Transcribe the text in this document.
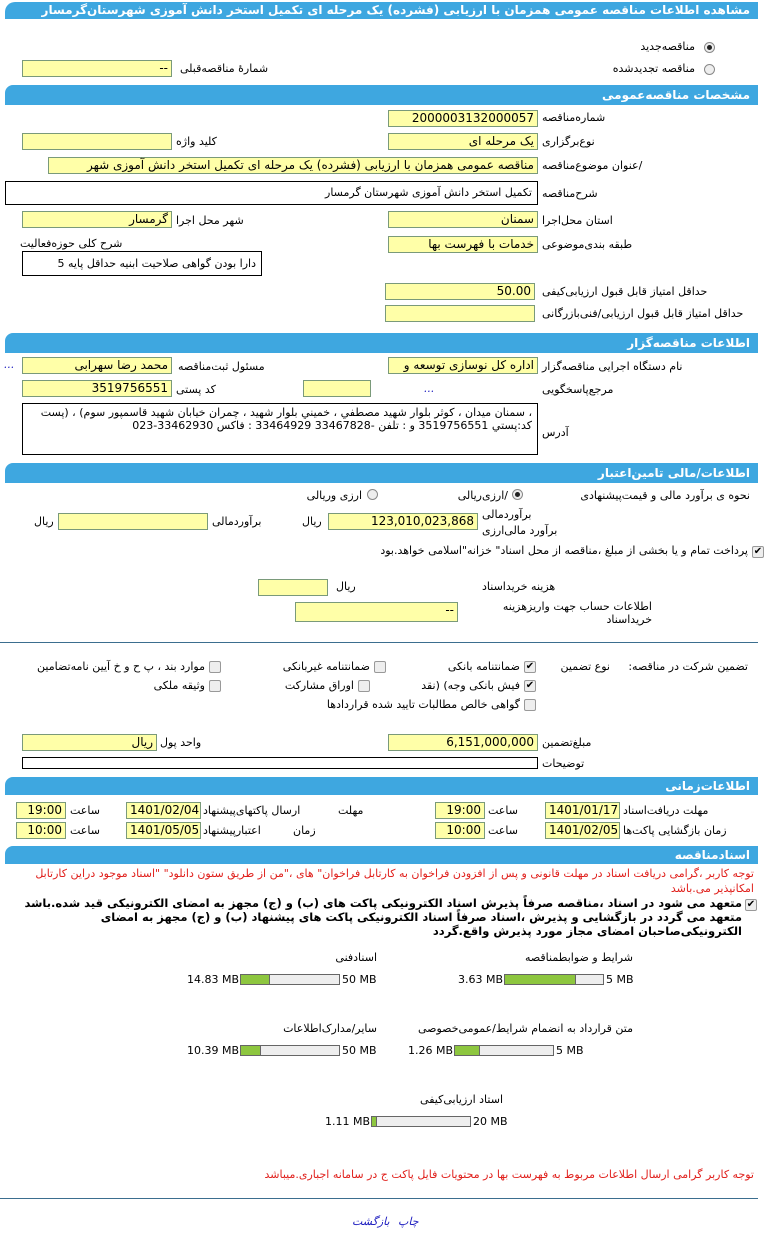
مشاهده اطلاعات مناقصه عمومی همزمان با ارزیابی (فشرده) یک مرحله ای تکمیل استخر دانش آموزی شهرستان‌گرمسار
مناقصه‌جدید
مناقصه تجدیدشده
شمارهٔ مناقصه‌قبلی
--
مشخصات مناقصه‌عمومی
شماره‌مناقصه
2000003132000057
نوع‌برگزاری
یک مرحله ای
کلید واژه
/عنوان موضوع‌مناقصه
مناقصه عمومی همزمان با ارزیابی (فشرده) یک مرحله ای تکمیل استخر دانش آموزی شهر
شرح‌مناقصه
تکمیل استخر دانش آموزی شهرستان گرمسار
استان محل‌اجرا
سمنان
شهر محل اجرا
گرمسار
طبقه بندی‌موضوعی
خدمات با فهرست بها
شرح کلی حوزه‌فعالیت
دارا بودن گواهی صلاحیت ابنیه حداقل پایه 5
حداقل امتیاز قابل قبول ارزیابی‌کیفی
50.00
حداقل امتیاز قابل قبول ارزیابی/فنی‌بازرگانی
اطلاعات مناقصه‌گزار
نام دستگاه اجرایی مناقصه‌گزار
اداره کل نوسازی توسعه و
مسئول ثبت‌مناقصه
محمد رضا سهرابی
...
مرجع‌پاسخگویی
...
کد پستی
3519756551
آدرس
، سمنان میدان ، کوثر بلوار شهید مصطفي ، خميني بلوار شهيد ، چمران خيابان شهيد قاسمپور سوم) ، (پست کد:پستي 3519756551 و : تلفن -33467828 33464929 : فاکس 33462930-023
اطلاعات/مالی تامین‌اعتبار
نحوه ی برآورد مالی و قیمت‌پیشنهادی
/ارزی‌ریالی
ارزی وریالی
برآوردمالی
برآورد مالی‌ارزی
123,010,023,868
ریال
برآوردمالی
ریال
✔
پرداخت تمام و یا بخشی از مبلغ ،مناقصه از محل اسناد" خزانه"اسلامی خواهد.بود
هزینه خریداسناد
ریال
اطلاعات حساب جهت واریزهزینه خریداسناد
--
تضمین شرکت در مناقصه:
نوع تضمین
✔
ضمانتنامه بانکی
ضمانتنامه غیربانکی
موارد بند ، پ ح و خ آیین نامه‌تضامین
✔
فیش بانکی وجه) (نقد
اوراق مشارکت
وثیقه ملکی
گواهی خالص مطالبات تایید شده قراردادها
مبلغ‌تضمین
6,151,000,000
واحد پول
ریال
توضیحات
اطلاعات‌زمانی
مهلت دریافت‌اسناد
1401/01/17
ساعت
19:00
مهلت
ارسال پاکتهای‌پیشنهاد
1401/02/04
ساعت
19:00
زمان بازگشایی پاکت‌ها
1401/02/05
ساعت
10:00
زمان
اعتبارپیشنهاد
1401/05/05
ساعت
10:00
اسنادمناقصه
توجه کاربر ،گرامی دریافت اسناد در مهلت قانونی و پس از افزودن فراخوان به کارتابل فراخوان" های ،"من از طریق ستون دانلود" "اسناد موجود دراین کارتابل امکانپذیر می.باشد
✔
متعهد می شود در اسناد ،مناقصه صرفاً پذیرش اسناد الکترونیکی پاکت های (ب) و (ج) مجهز به امضای الکترونیکی قید شده.باشد متعهد می گردد در بازگشایی و پذیرش ،اسناد صرفاً اسناد الکترونیکی پاکت های پیشنهاد (ب) و (ج) مجهز به امضای الکترونیکی‌صاحبان امضای مجاز مورد پذیرش واقع.گردد
شرایط و ضوابطمناقصه
3.63 MB	5 MB
اسنادفنی
14.83 MB	50 MB
متن قرارداد به انضمام شرایط/عمومی‌خصوصی
1.26 MB	5 MB
سایر/مدارک‌اطلاعات
10.39 MB	50 MB
استاد ارزیابی‌کیفی
1.11 MB	20 MB
توجه کاربر گرامی ارسال اطلاعات مربوط به فهرست بها در محتویات فایل پاکت ج در سامانه اجباری.میباشد
بازگشت چاپ
